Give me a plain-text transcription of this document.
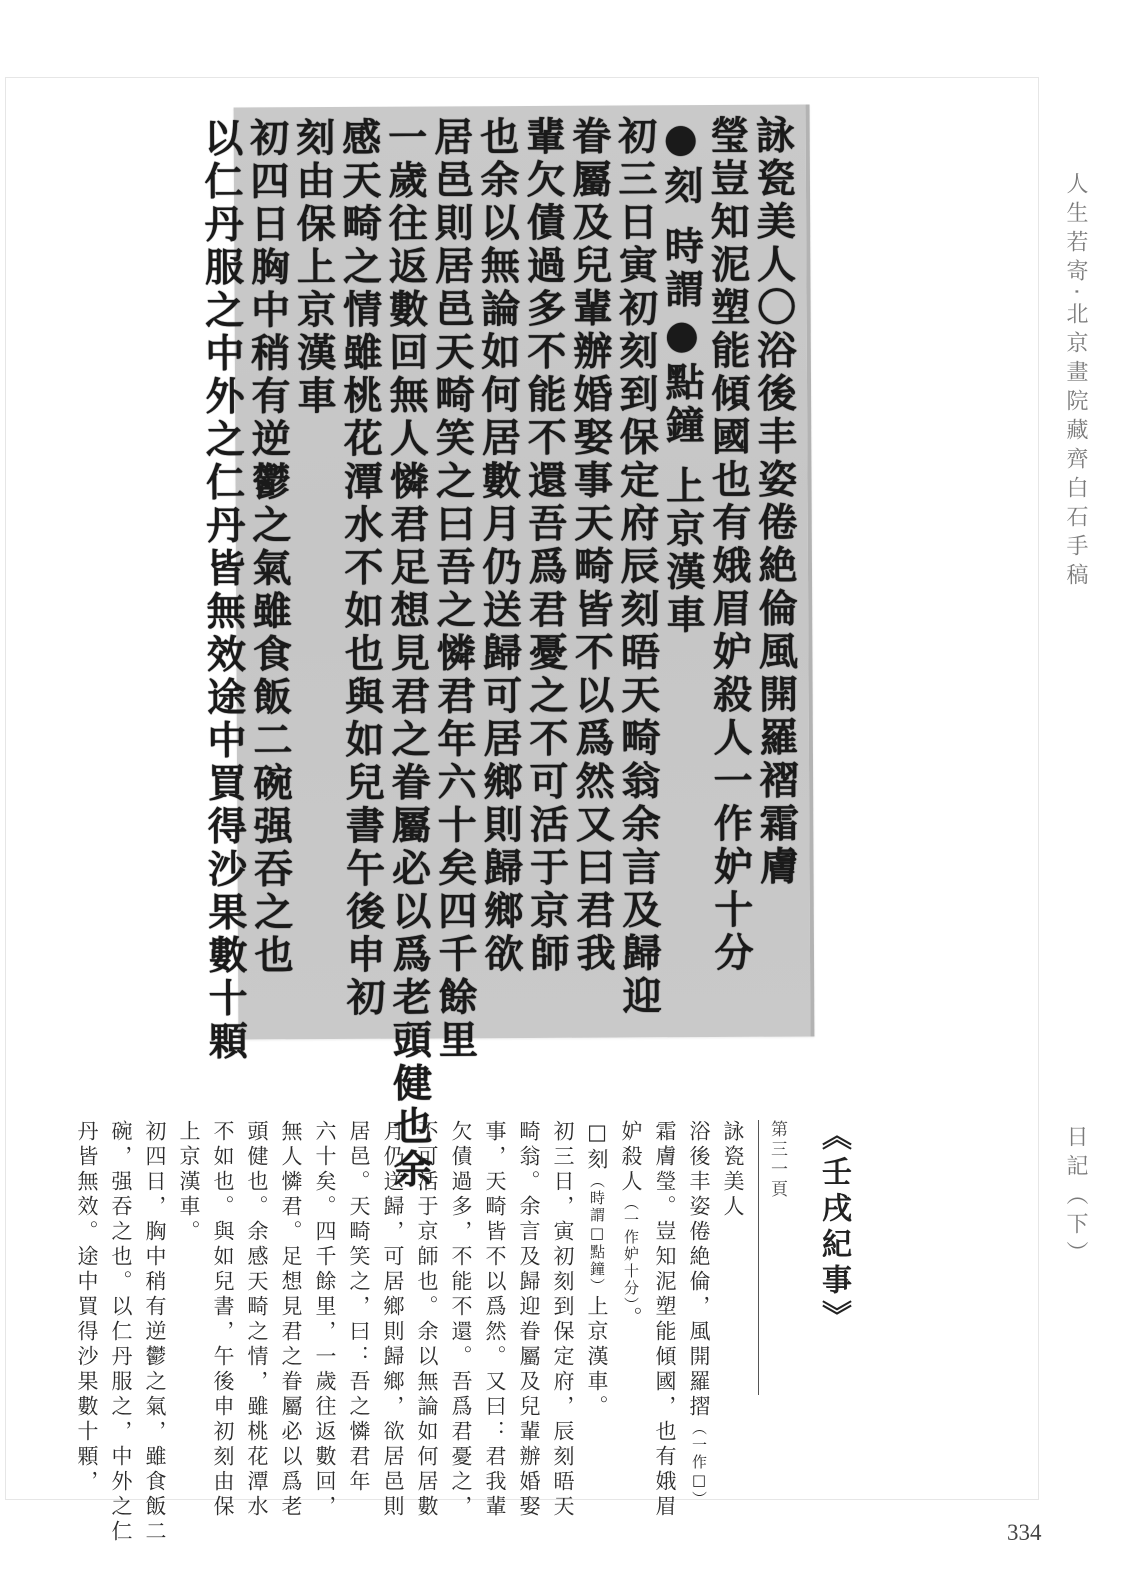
人生若寄·北京畫院藏齊白石手稿
日記（下）
詠瓷美人〇浴後丰姿倦絶倫風開羅褶霜膚
瑩豈知泥塑能傾國也有娥眉妒殺人一作妒十分
●刻 時謂●點鐘 上京漢車
初三日寅初刻到保定府辰刻晤天畸翁余言及歸迎
眷屬及兒輩辦婚娶事天畸皆不以爲然又曰君我
輩欠債過多不能不還吾爲君憂之不可活于京師
也余以無論如何居數月仍送歸可居鄉則歸鄉欲
居邑則居邑天畸笑之曰吾之憐君年六十矣四千餘里
一歲往返數回無人憐君足想見君之眷屬必以爲老頭健也余
感天畸之情雖桃花潭水不如也與如兒書午後申初
刻由保上京漢車
初四日胸中稍有逆鬱之氣雖食飯二碗强吞之也
以仁丹服之中外之仁丹皆無效途中買得沙果數十顆
《壬戌紀事》
第三一頁
詠瓷美人
浴後丰姿倦絶倫，風開羅摺（一作□）
霜膚瑩。豈知泥塑能傾國，也有娥眉
妒殺人（一作妒十分）。
□刻（時謂□點鐘）上京漢車。
初三日，寅初刻到保定府，辰刻晤天
畸翁。余言及歸迎眷屬及兒輩辦婚娶
事，天畸皆不以爲然。又曰：君我輩
欠債過多，不能不還。吾爲君憂之，
不可活于京師也。余以無論如何居數
月仍送歸，可居鄉則歸鄉，欲居邑則
居邑。天畸笑之，曰：吾之憐君年
六十矣。四千餘里，一歲往返數回，
無人憐君。足想見君之眷屬必以爲老
頭健也。余感天畸之情，雖桃花潭水
不如也。與如兒書，午後申初刻由保
上京漢車。
初四日，胸中稍有逆鬱之氣，雖食飯二
碗，强吞之也。以仁丹服之，中外之仁
丹皆無效。途中買得沙果數十顆，
334
